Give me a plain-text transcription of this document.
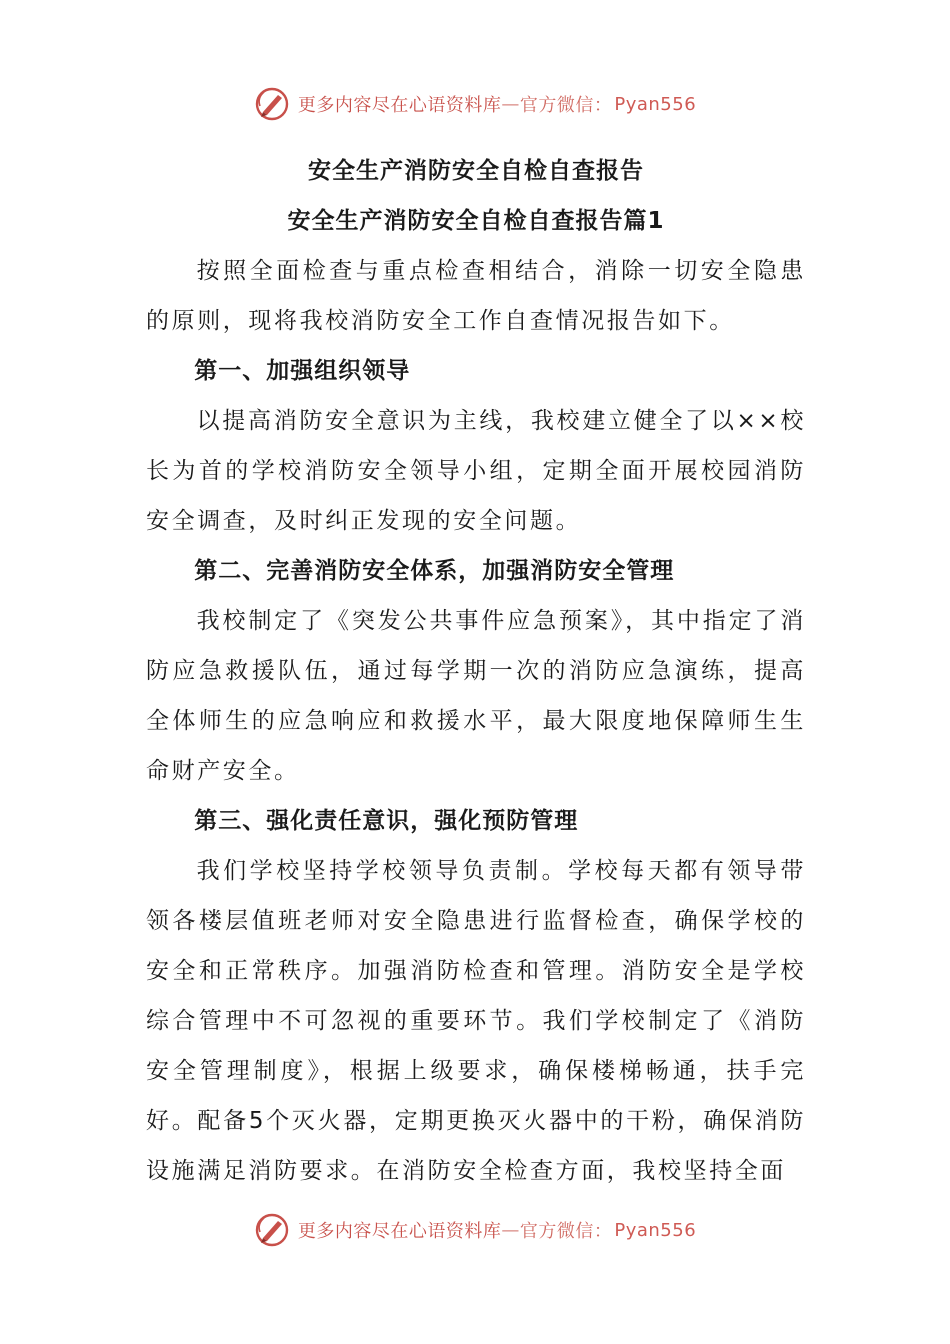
更多内容尽在心语资料库 — 官方微信： Pyan556

安全生产消防安全自检自查报告

安全生产消防安全自检自查报告篇1

按照全面检查与重点检查相结合，消除一切安全隐患的原则，现将我校消防安全工作自查情况报告如下。

第一、加强组织领导

以提高消防安全意识为主线，我校建立健全了以××校长为首的学校消防安全领导小组，定期全面开展校园消防安全调查，及时纠正发现的安全问题。

第二、完善消防安全体系，加强消防安全管理

我校制定了《突发公共事件应急预案》，其中指定了消防应急救援队伍，通过每学期一次的消防应急演练，提高全体师生的应急响应和救援水平，最大限度地保障师生生命财产安全。

第三、强化责任意识，强化预防管理

我们学校坚持学校领导负责制。学校每天都有领导带领各楼层值班老师对安全隐患进行监督检查，确保学校的安全和正常秩序。加强消防检查和管理。消防安全是学校综合管理中不可忽视的重要环节。我们学校制定了《消防安全管理制度》，根据上级要求，确保楼梯畅通，扶手完好。配备5个灭火器，定期更换灭火器中的干粉，确保消防设施满足消防要求。在消防安全检查方面，我校坚持全面

更多内容尽在心语资料库 — 官方微信： Pyan556
